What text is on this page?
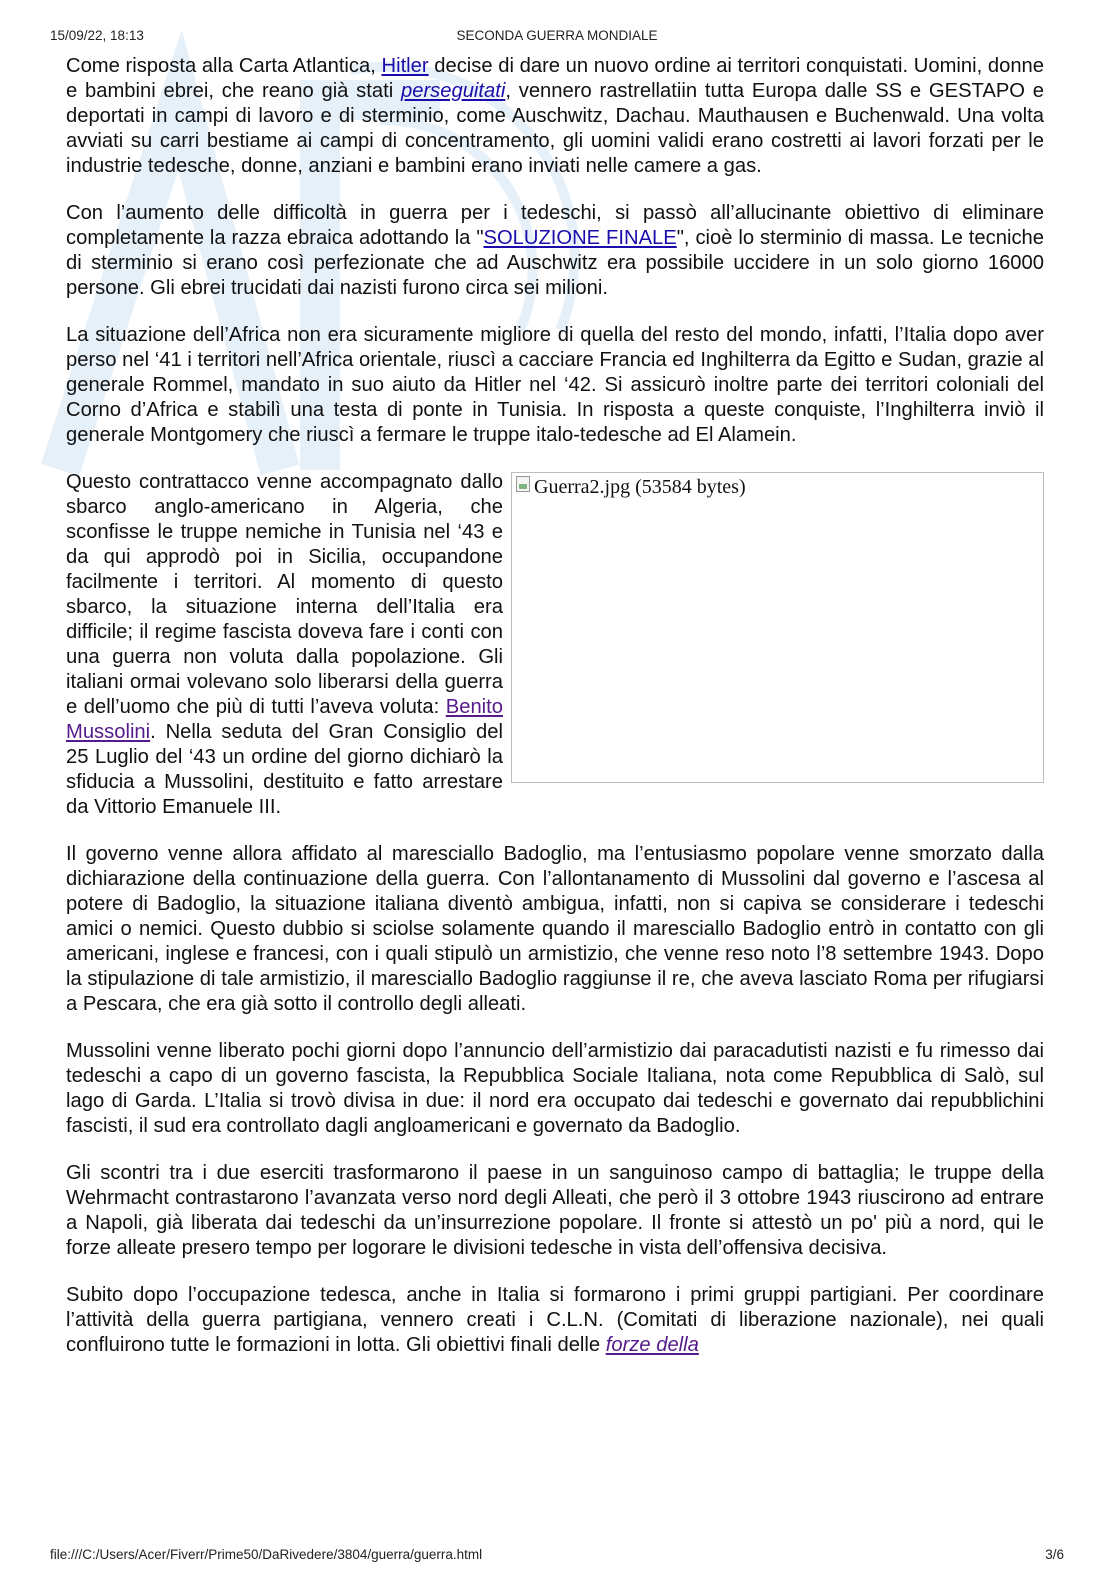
15/09/22, 18:13	SECONDA GUERRA MONDIALE

Come risposta alla Carta Atlantica, Hitler decise di dare un nuovo ordine ai territori conquistati. Uomini, donne e bambini ebrei, che reano già stati perseguitati, vennero rastrellatiin tutta Europa dalle SS e GESTAPO e deportati in campi di lavoro e di sterminio, come Auschwitz, Dachau. Mauthausen e Buchenwald. Una volta avviati su carri bestiame ai campi di concentramento, gli uomini validi erano costretti ai lavori forzati per le industrie tedesche, donne, anziani e bambini erano inviati nelle camere a gas.

Con l’aumento delle difficoltà in guerra per i tedeschi, si passò all’allucinante obiettivo di eliminare completamente la razza ebraica adottando la "SOLUZIONE FINALE", cioè lo sterminio di massa. Le tecniche di sterminio si erano così perfezionate che ad Auschwitz era possibile uccidere in un solo giorno 16000 persone. Gli ebrei trucidati dai nazisti furono circa sei milioni.

La situazione dell’Africa non era sicuramente migliore di quella del resto del mondo, infatti, l’Italia dopo aver perso nel ‘41 i territori nell’Africa orientale, riuscì a cacciare Francia ed Inghilterra da Egitto e Sudan, grazie al generale Rommel, mandato in suo aiuto da Hitler nel ‘42. Si assicurò inoltre parte dei territori coloniali del Corno d’Africa e stabilì una testa di ponte in Tunisia. In risposta a queste conquiste, l’Inghilterra inviò il generale Montgomery che riuscì a fermare le truppe italo-tedesche ad El Alamein.

Guerra2.jpg (53584 bytes)
Questo contrattacco venne accompagnato dallo sbarco anglo-americano in Algeria, che sconfisse le truppe nemiche in Tunisia nel ‘43 e da qui approdò poi in Sicilia, occupandone facilmente i territori. Al momento di questo sbarco, la situazione interna dell’Italia era difficile; il regime fascista doveva fare i conti con una guerra non voluta dalla popolazione. Gli italiani ormai volevano solo liberarsi della guerra e dell’uomo che più di tutti l’aveva voluta: Benito Mussolini. Nella seduta del Gran Consiglio del 25 Luglio del ‘43 un ordine del giorno dichiarò la sfiducia a Mussolini, destituito e fatto arrestare da Vittorio Emanuele III.

Il governo venne allora affidato al maresciallo Badoglio, ma l’entusiasmo popolare venne smorzato dalla dichiarazione della continuazione della guerra. Con l’allontanamento di Mussolini dal governo e l’ascesa al potere di Badoglio, la situazione italiana diventò ambigua, infatti, non si capiva se considerare i tedeschi amici o nemici. Questo dubbio si sciolse solamente quando il maresciallo Badoglio entrò in contatto con gli americani, inglese e francesi, con i quali stipulò un armistizio, che venne reso noto l’8 settembre 1943. Dopo la stipulazione di tale armistizio, il maresciallo Badoglio raggiunse il re, che aveva lasciato Roma per rifugiarsi a Pescara, che era già sotto il controllo degli alleati.

Mussolini venne liberato pochi giorni dopo l’annuncio dell’armistizio dai paracadutisti nazisti e fu rimesso dai tedeschi a capo di un governo fascista, la Repubblica Sociale Italiana, nota come Repubblica di Salò, sul lago di Garda. L’Italia si trovò divisa in due: il nord era occupato dai tedeschi e governato dai repubblichini fascisti, il sud era controllato dagli angloamericani e governato da Badoglio.

Gli scontri tra i due eserciti trasformarono il paese in un sanguinoso campo di battaglia; le truppe della Wehrmacht contrastarono l’avanzata verso nord degli Alleati, che però il 3 ottobre 1943 riuscirono ad entrare a Napoli, già liberata dai tedeschi da un’insurrezione popolare. Il fronte si attestò un po' più a nord, qui le forze alleate presero tempo per logorare le divisioni tedesche in vista dell’offensiva decisiva.

Subito dopo l’occupazione tedesca, anche in Italia si formarono i primi gruppi partigiani. Per coordinare l’attività della guerra partigiana, vennero creati i C.L.N. (Comitati di liberazione nazionale), nei quali confluirono tutte le formazioni in lotta. Gli obiettivi finali delle forze della

file:///C:/Users/Acer/Fiverr/Prime50/DaRivedere/3804/guerra/guerra.html	3/6
